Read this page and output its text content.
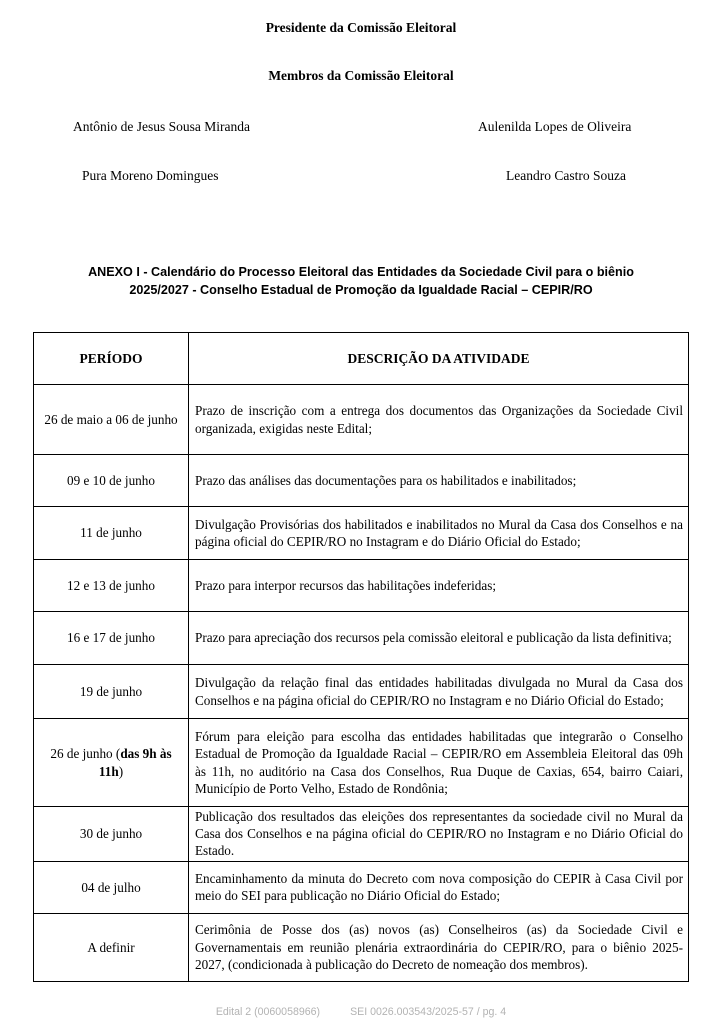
Presidente da Comissão Eleitoral
Membros da Comissão Eleitoral
Antônio de Jesus Sousa Miranda	Aulenilda Lopes de Oliveira
Pura Moreno Domingues	Leandro Castro Souza
ANEXO I - Calendário do Processo Eleitoral das Entidades da Sociedade Civil para o biênio
2025/2027 - Conselho Estadual de Promoção da Igualdade Racial – CEPIR/RO
PERÍODO	DESCRIÇÃO DA ATIVIDADE
26 de maio a 06 de junho	Prazo de inscrição com a entrega dos documentos das Organizações da Sociedade Civil organizada, exigidas neste Edital;
09 e 10 de junho	Prazo das análises das documentações para os habilitados e inabilitados;
11 de junho	Divulgação Provisórias dos habilitados e inabilitados no Mural da Casa dos Conselhos e na página oficial do CEPIR/RO no Instagram e do Diário Oficial do Estado;
12 e 13 de junho	Prazo para interpor recursos das habilitações indeferidas;
16 e 17 de junho	Prazo para apreciação dos recursos pela comissão eleitoral e publicação da lista definitiva;
19 de junho	Divulgação da relação final das entidades habilitadas divulgada no Mural da Casa dos Conselhos e na página oficial do CEPIR/RO no Instagram e no Diário Oficial do Estado;
26 de junho (das 9h às 11h)	Fórum para eleição para escolha das entidades habilitadas que integrarão o Conselho Estadual de Promoção da Igualdade Racial – CEPIR/RO em Assembleia Eleitoral das 09h às 11h, no auditório na Casa dos Conselhos, Rua Duque de Caxias, 654, bairro Caiari, Município de Porto Velho, Estado de Rondônia;
30 de junho	Publicação dos resultados das eleições dos representantes da sociedade civil no Mural da Casa dos Conselhos e na página oficial do CEPIR/RO no Instagram e no Diário Oficial do Estado.
04 de julho	Encaminhamento da minuta do Decreto com nova composição do CEPIR à Casa Civil por meio do SEI para publicação no Diário Oficial do Estado;
A definir	Cerimônia de Posse dos (as) novos (as) Conselheiros (as) da Sociedade Civil e Governamentais em reunião plenária extraordinária do CEPIR/RO, para o biênio 2025-2027, (condicionada à publicação do Decreto de nomeação dos membros).
Edital 2 (0060058966)	SEI 0026.003543/2025-57 / pg. 4
